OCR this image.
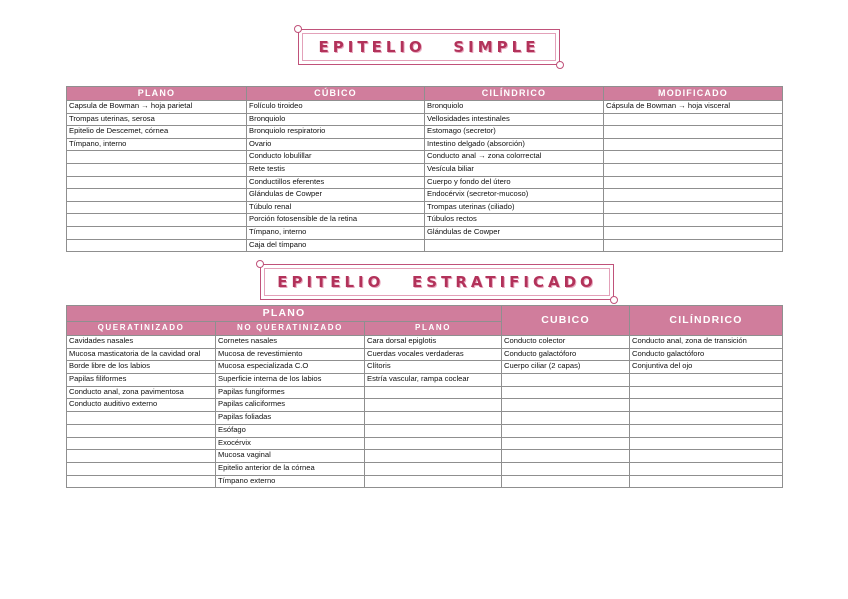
EPITELIO   SIMPLE
PLANO	CÚBICO	CILÍNDRICO	MODIFICADO
Capsula de Bowman → hoja parietal	Folículo tiroideo	Bronquiolo	Cápsula de Bowman → hoja visceral
Trompas uterinas, serosa	Bronquiolo	Vellosidades intestinales	
Epitelio de Descemet, córnea	Bronquiolo respiratorio	Estomago (secretor)	
Tímpano, interno	Ovario	Intestino delgado (absorción)	
	Conducto lobulillar	Conducto anal → zona colorrectal	
	Rete testis	Vesícula biliar	
	Conductillos eferentes	Cuerpo y fondo del útero	
	Glándulas de Cowper	Endocérvix (secretor-mucoso)	
	Túbulo renal	Trompas uterinas (ciliado)	
	Porción fotosensible de la retina	Túbulos rectos	
	Tímpano, interno	Glándulas de Cowper	
	Caja del tímpano		
EPITELIO   ESTRATIFICADO
PLANO			CUBICO	CILÍNDRICO
QUERATINIZADO	NO QUERATINIZADO	PLANO		
Cavidades nasales	Cornetes nasales	Cara dorsal epiglotis	Conducto colector	Conducto anal, zona de transición
Mucosa masticatoria de la cavidad oral	Mucosa de revestimiento	Cuerdas vocales verdaderas	Conducto galactóforo	Conducto galactóforo
Borde libre de los labios	Mucosa especializada C.O	Clítoris	Cuerpo ciliar (2 capas)	Conjuntiva del ojo
Papilas filiformes	Superficie interna de los labios	Estría vascular, rampa coclear		
Conducto anal, zona pavimentosa	Papilas fungiformes			
Conducto auditivo externo	Papilas caliciformes			
	Papilas foliadas			
	Esófago			
	Exocérvix			
	Mucosa vaginal			
	Epitelio anterior de la córnea			
	Tímpano externo			
